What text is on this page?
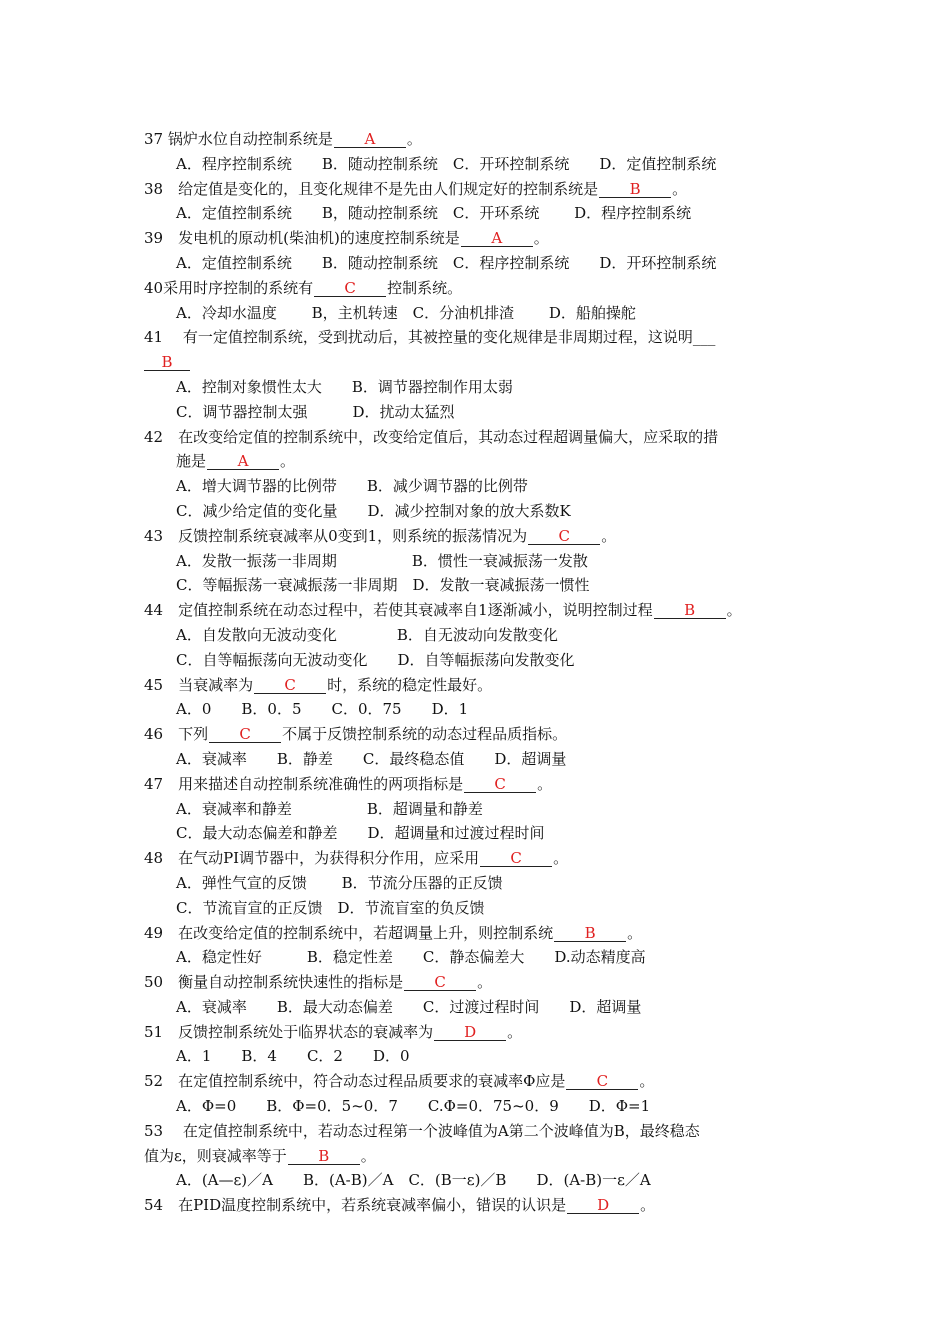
37 锅炉水位自动控制系统是 A 。
A．程序控制系统　　B．随动控制系统　C．开环控制系统　　D．定值控制系统
38　给定值是变化的，且变化规律不是先由人们规定好的控制系统是 B 。
A．定值控制系统　　B，随动控制系统　C．开环系统　　 D．程序控制系统
39　发电机的原动机(柴油机)的速度控制系统是 A 。
A．定值控制系统　　B．随动控制系统　C．程序控制系统　　D．开环控制系统
40采用时序控制的系统有 C 控制系统。
A．冷却水温度　　 B，主机转速　C．分油机排渣　　 D．船舶操舵
41　 有一定值控制系统，受到扰动后，其被控量的变化规律是非周期过程，这说明___
B
A．控制对象惯性太大　　B．调节器控制作用太弱
C．调节器控制太强　　　D．扰动太猛烈
42　在改变给定值的控制系统中，改变给定值后，其动态过程超调量偏大，应采取的措
施是 A 。
A．增大调节器的比例带　　B．减少调节器的比例带
C．减少给定值的变化量　　D．减少控制对象的放大系数K
43　反馈控制系统衰减率从0变到1，则系统的振荡情况为 C 。
A．发散一振荡一非周期　　　　　B．惯性一衰减振荡一发散
C．等幅振荡一衰减振荡一非周期　D．发散一衰减振荡一惯性
44　定值控制系统在动态过程中，若使其衰减率自1逐渐减小，说明控制过程 B 。
A．自发散向无波动变化　　　　B．自无波动向发散变化
C．自等幅振荡向无波动变化　　D．自等幅振荡向发散变化
45　当衰减率为 C 时，系统的稳定性最好。
A．0　　B．0．5　　C．0．75　　D．1
46　下列 C 不属于反馈控制系统的动态过程品质指标。
A．衰减率　　B．静差　　C．最终稳态值　　D．超调量
47　用来描述自动控制系统准确性的两项指标是 C 。
A．衰减率和静差　　　　　B．超调量和静差
C．最大动态偏差和静差　　D．超调量和过渡过程时间
48　在气动PI调节器中，为获得积分作用，应采用 C 。
A．弹性气宣的反馈　　 B．节流分压器的正反馈
C．节流盲宣的正反馈　D．节流盲室的负反馈
49　在改变给定值的控制系统中，若超调量上升，则控制系统 B 。
A．稳定性好　　　B．稳定性差　　C．静态偏差大　　D.动态精度高
50　衡量自动控制系统快速性的指标是 C 。
A．衰减率　　B．最大动态偏差　　C．过渡过程时间　　D．超调量
51　反馈控制系统处于临界状态的衰减率为 D 。
A．1　　B．4　　C．2　　D．0
52　在定值控制系统中，符合动态过程品质要求的衰减率Φ应是 C 。
A．Φ=0　　B．Φ=0．5~0．7　　C.Φ=0．75~0．9　　D．Φ=1
53　 在定值控制系统中，若动态过程第一个波峰值为A第二个波峰值为B，最终稳态
值为ε，则衰减率等于 B 。
A．(A—ε)／A　　B．(A-B)／A　C．(B一ε)／B　　D．(A-B)一ε／A
54　在PID温度控制系统中，若系统衰减率偏小，错误的认识是 D 。
